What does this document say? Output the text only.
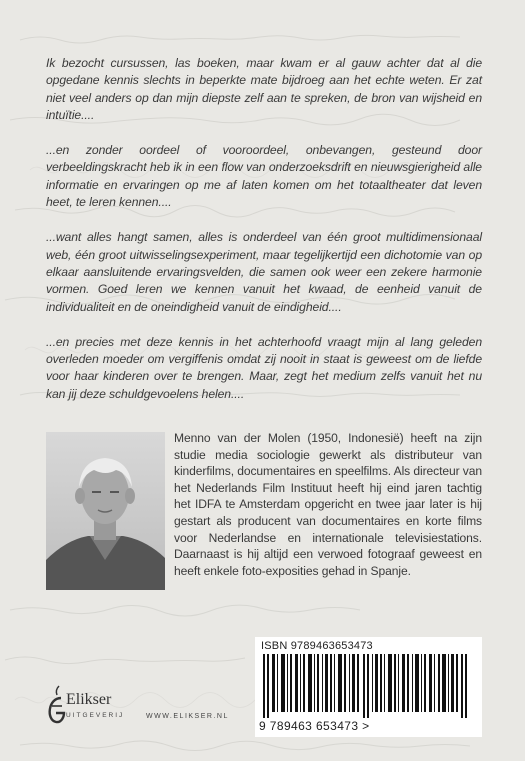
Ik bezocht cursussen, las boeken, maar kwam er al gauw achter dat al die opgedane kennis slechts in beperkte mate bijdroeg aan het echte weten. Er zat niet veel anders op dan mijn diepste zelf aan te spreken, de bron van wijsheid en intuïtie....

...en zonder oordeel of vooroordeel, onbevangen, gesteund door verbeeldingskracht heb ik in een flow van onderzoeksdrift en nieuwsgierigheid alle informatie en ervaringen op me af laten komen om het totaaltheater dat leven heet, te leren kennen....

...want alles hangt samen, alles is onderdeel van één groot multidimensionaal web, één groot uitwisselingsexperiment, maar tegelijkertijd een dichotomie van op elkaar aansluitende ervaringsvelden, die samen ook weer een zekere harmonie vormen. Goed leren we kennen vanuit het kwaad, de eenheid vanuit de individualiteit en de oneindigheid vanuit de eindigheid....

...en precies met deze kennis in het achterhoofd vraagt mijn al lang geleden overleden moeder om vergiffenis omdat zij nooit in staat is geweest om de liefde voor haar kinderen over te brengen. Maar, zegt het medium zelfs vanuit het nu kan jij deze schuldgevoelens helen....

Menno van der Molen (1950, Indonesië) heeft na zijn studie media sociologie gewerkt als distributeur van kinderfilms, documentaires en speelfilms. Als directeur van het Nederlands Film Instituut heeft hij eind jaren tachtig het IDFA te Amsterdam opgericht en twee jaar later is hij gestart als producent van documentaires en korte films voor Nederlandse en internationale televisiestations. Daarnaast is hij altijd een verwoed fotograaf geweest en heeft enkele foto-exposities gehad in Spanje.

ISBN 9789463653473
9 789463 653473 >
Elikser
UITGEVERIJ	WWW.ELIKSER.NL
